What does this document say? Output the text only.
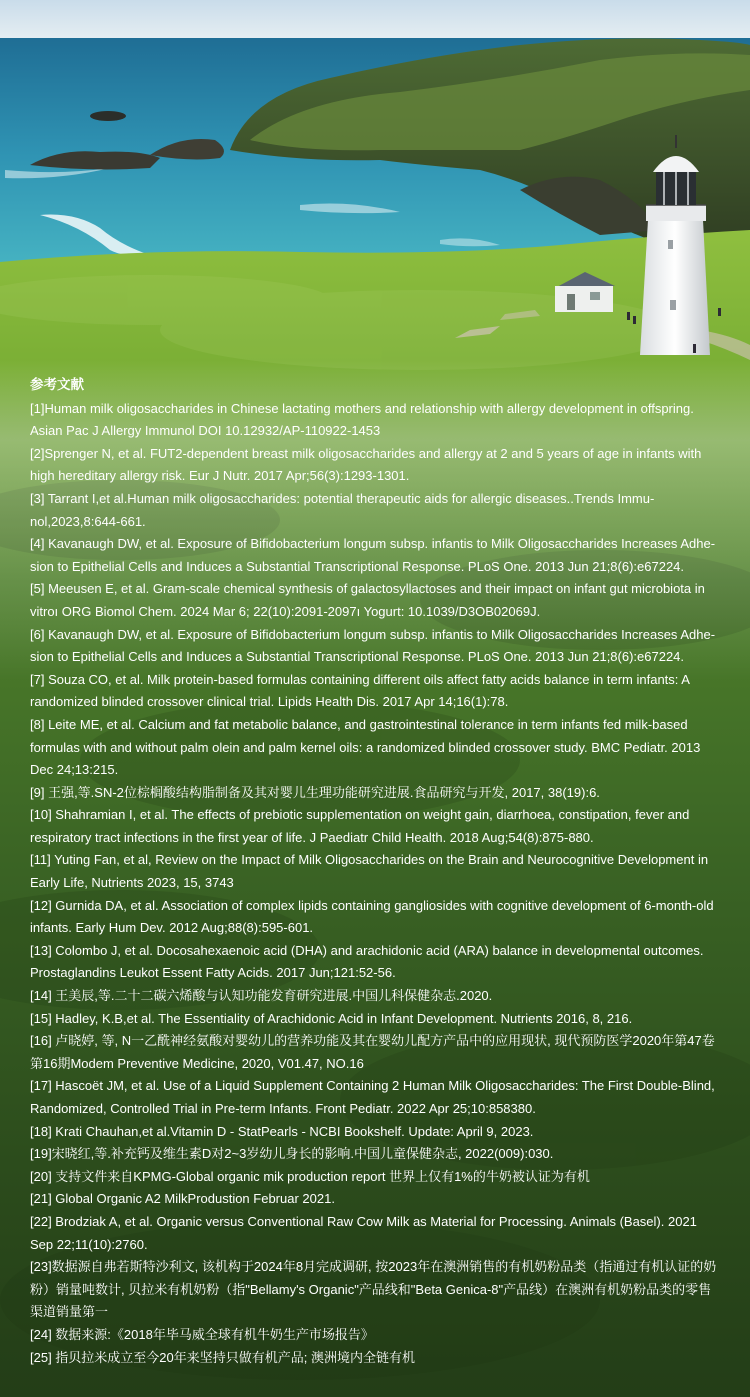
参考文献

[1]Human milk oligosaccharides in Chinese lactating mothers and relationship with allergy development in offspring. Asian Pac J Allergy Immunol DOI 10.12932/AP-110922-1453

[2]Sprenger N, et al. FUT2-dependent breast milk oligosaccharides and allergy at 2 and 5 years of age in infants with high hereditary allergy risk. Eur J Nutr. 2017 Apr;56(3):1293-1301.

[3] Tarrant I,et al.Human milk oligosaccharides: potential therapeutic aids for allergic diseases..Trends Immu-nol,2023,8:644-661.

[4] Kavanaugh DW, et al. Exposure of Bifidobacterium longum subsp. infantis to Milk Oligosaccharides Increases Adhe-sion to Epithelial Cells and Induces a Substantial Transcriptional Response. PLoS One. 2013 Jun 21;8(6):e67224.

[5] Meeusen E, et al. Gram-scale chemical synthesis of galactosyllactoses and their impact on infant gut microbiota in vitroı ORG Biomol Chem. 2024 Mar 6; 22(10):2091-2097ı Yogurt: 10.1039/D3OB02069J.

[6] Kavanaugh DW, et al. Exposure of Bifidobacterium longum subsp. infantis to Milk Oligosaccharides Increases Adhe-sion to Epithelial Cells and Induces a Substantial Transcriptional Response. PLoS One. 2013 Jun 21;8(6):e67224.

[7] Souza CO, et al. Milk protein-based formulas containing different oils affect fatty acids balance in term infants: A randomized blinded crossover clinical trial. Lipids Health Dis. 2017 Apr 14;16(1):78.

[8] Leite ME, et al. Calcium and fat metabolic balance, and gastrointestinal tolerance in term infants fed milk-based formulas with and without palm olein and palm kernel oils: a randomized blinded crossover study. BMC Pediatr. 2013 Dec 24;13:215.

[9] 王强,等.SN-2位棕榈酸结构脂制备及其对婴儿生理功能研究进展.食品研究与开发, 2017, 38(19):6.

[10] Shahramian I, et al. The effects of prebiotic supplementation on weight gain, diarrhoea, constipation, fever and respiratory tract infections in the first year of life. J Paediatr Child Health. 2018 Aug;54(8):875-880.

[11] Yuting Fan, et al, Review on the Impact of Milk Oligosaccharides on the Brain and Neurocognitive Development in Early Life, Nutrients 2023, 15, 3743

[12] Gurnida DA, et al. Association of complex lipids containing gangliosides with cognitive development of 6-month-old infants. Early Hum Dev. 2012 Aug;88(8):595-601.

[13] Colombo J, et al. Docosahexaenoic acid (DHA) and arachidonic acid (ARA) balance in developmental outcomes. Prostaglandins Leukot Essent Fatty Acids. 2017 Jun;121:52-56.

[14] 王美辰,等.二十二碳六烯酸与认知功能发育研究进展.中国儿科保健杂志.2020.

[15] Hadley, K.B,et al. The Essentiality of Arachidonic Acid in Infant Development. Nutrients 2016, 8, 216.

[16] 卢晓婷, 等, N一乙酰神经氨酸对婴幼儿的营养功能及其在婴幼儿配方产品中的应用现状, 现代预防医学2020年第47卷第16期Modem Preventive Medicine, 2020, V01.47, NO.16

[17] Hascoët JM, et al. Use of a Liquid Supplement Containing 2 Human Milk Oligosaccharides: The First Double-Blind, Randomized, Controlled Trial in Pre-term Infants. Front Pediatr. 2022 Apr 25;10:858380.

[18] Krati Chauhan,et al.Vitamin D - StatPearls - NCBI Bookshelf. Update: April 9, 2023.

[19]宋晓红,等.补充钙及维生素D对2~3岁幼儿身长的影响.中国儿童保健杂志, 2022(009):030.

[20] 支持文件来自KPMG-Global organic mik production report 世界上仅有1%的牛奶被认证为有机

[21] Global Organic A2 MilkProdustion Februar 2021.

[22] Brodziak A, et al. Organic versus Conventional Raw Cow Milk as Material for Processing. Animals (Basel). 2021 Sep 22;11(10):2760.

[23]数据源自弗若斯特沙利文, 该机构于2024年8月完成调研, 按2023年在澳洲销售的有机奶粉品类（指通过有机认证的奶粉）销量吨数计, 贝拉米有机奶粉（指"Bellamy's Organic"产品线和"Beta Genica-8"产品线）在澳洲有机奶粉品类的零售渠道销量第一

[24] 数据来源:《2018年毕马威全球有机牛奶生产市场报告》

[25] 指贝拉米成立至今20年来坚持只做有机产品; 澳洲境内全链有机
